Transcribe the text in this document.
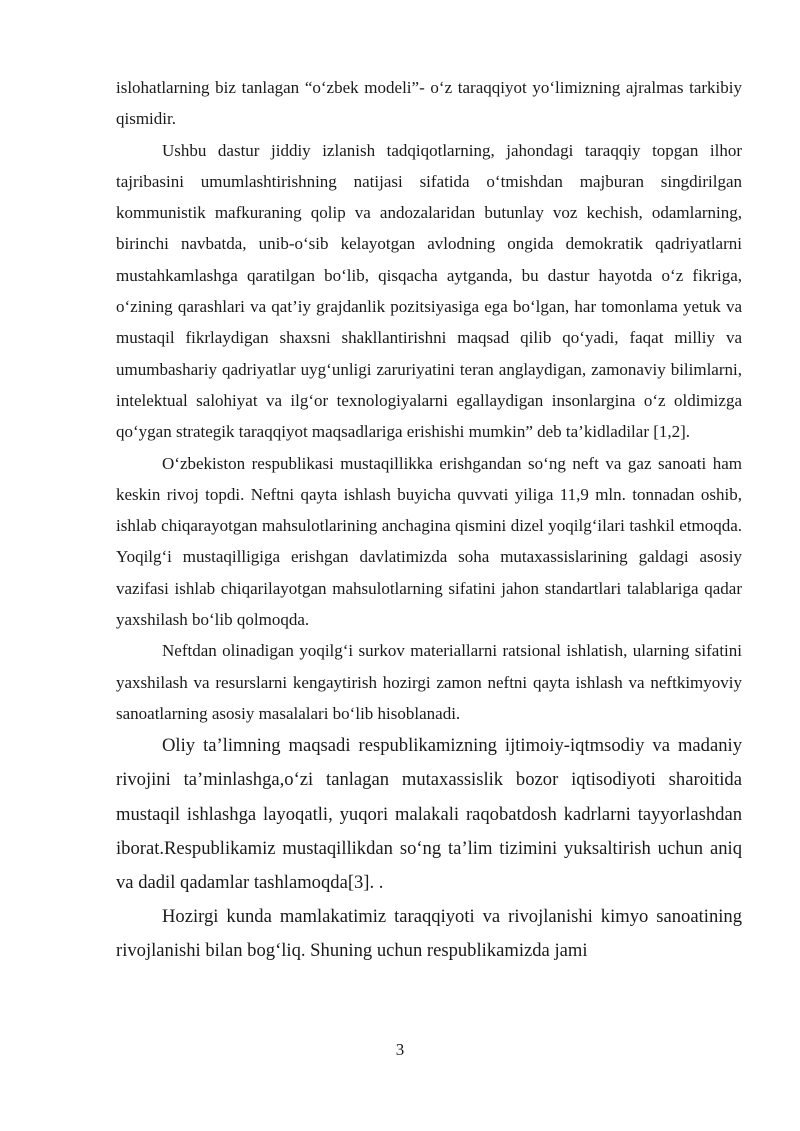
islohatlarning biz tanlagan “o‘zbek modeli”- o‘z taraqqiyot yo‘limizning ajralmas tarkibiy qismidir.

Ushbu dastur jiddiy izlanish tadqiqotlarning, jahondagi taraqqiy topgan ilhor tajribasini umumlashtirishning natijasi sifatida o‘tmishdan majburan singdirilgan kommunistik mafkuraning qolip va andozalaridan butunlay voz kechish, odamlarning, birinchi navbatda, unib-o‘sib kelayotgan avlodning ongida demokratik qadriyatlarni mustahkamlashga qaratilgan bo‘lib, qisqacha aytganda, bu dastur hayotda o‘z fikriga, o‘zining qarashlari va qat’iy grajdanlik pozitsiyasiga ega bo‘lgan, har tomonlama yetuk va mustaqil fikrlaydigan shaxsni shakllantirishni maqsad qilib qo‘yadi, faqat milliy va umumbashariy qadriyatlar uyg‘unligi zaruriyatini teran anglaydigan, zamonaviy bilimlarni, intelektual salohiyat va ilg‘or texnologiyalarni egallaydigan insonlargina o‘z oldimizga qo‘ygan strategik taraqqiyot maqsadlariga erishishi mumkin” deb ta’kidladilar [1,2].

O‘zbekiston respublikasi mustaqillikka erishgandan so‘ng neft va gaz sanoati ham keskin rivoj topdi. Neftni qayta ishlash buyicha quvvati yiliga 11,9 mln. tonnadan oshib, ishlab chiqarayotgan mahsulotlarining anchagina qismini dizel yoqilg‘ilari tashkil etmoqda. Yoqilg‘i mustaqilligiga erishgan davlatimizda soha mutaxassislarining galdagi asosiy vazifasi ishlab chiqarilayotgan mahsulotlarning sifatini jahon standartlari talablariga qadar yaxshilash bo‘lib qolmoqda.

Neftdan olinadigan yoqilg‘i surkov materiallarni ratsional ishlatish, ularning sifatini yaxshilash va resurslarni kengaytirish hozirgi zamon neftni qayta ishlash va neftkimyoviy sanoatlarning asosiy masalalari bo‘lib hisoblanadi.

Oliy ta’limning maqsadi respublikamizning ijtimoiy-iqtmsodiy va madaniy rivojini ta’minlashga,o‘zi tanlagan mutaxassislik bozor iqtisodiyoti sharoitida mustaqil ishlashga layoqatli, yuqori malakali raqobatdosh kadrlarni tayyorlashdan iborat.Respublikamiz mustaqillikdan so‘ng ta’lim tizimini yuksaltirish uchun aniq va dadil qadamlar tashlamoqda[3]. .

Hozirgi kunda mamlakatimiz taraqqiyoti va rivojlanishi kimyo sanoatining rivojlanishi bilan bog‘liq. Shuning uchun respublikamizda jami

3
